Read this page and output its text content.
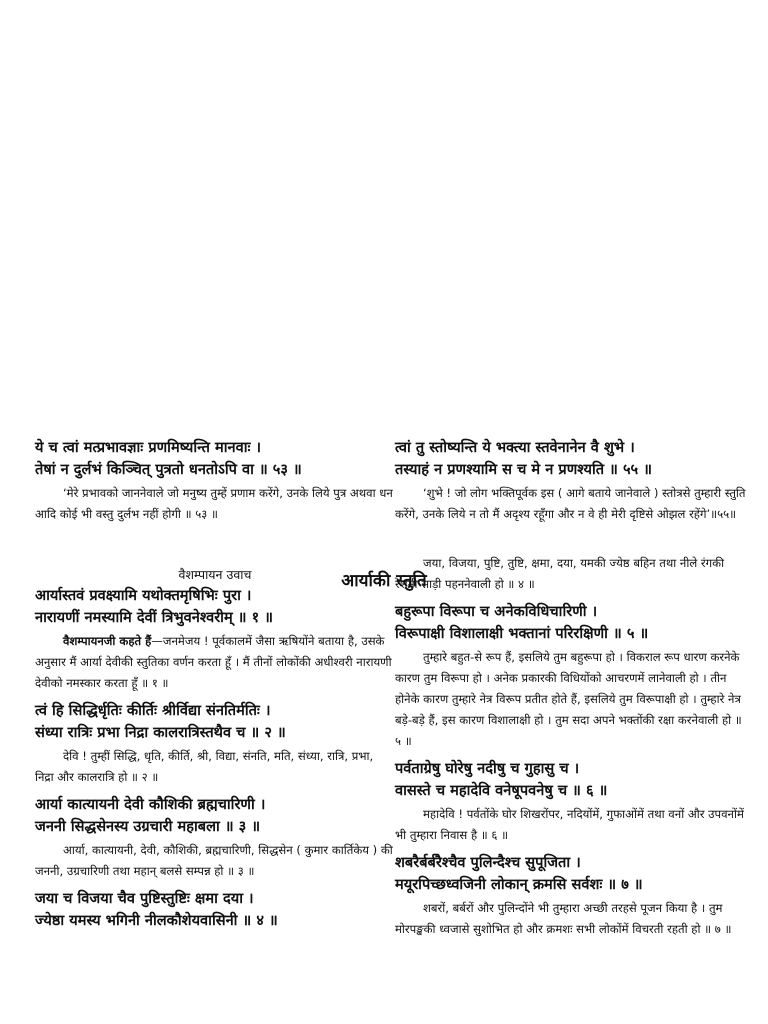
आर्याकी स्तुति
ये च त्वां मत्प्रभावज्ञाः प्रणमिष्यन्ति मानवाः ।
तेषां न दुर्लभं किञ्चित् पुत्रतो धनतोऽपि वा ॥ ५३ ॥
‘मेरे प्रभावको जाननेवाले जो मनुष्य तुम्हें प्रणाम करेंगे, उनके लिये पुत्र अथवा धन आदि कोई भी वस्तु दुर्लभ नहीं होगी ॥ ५३ ॥
वैशम्पायन उवाच
आर्यास्तवं प्रवक्ष्यामि यथोक्तमृषिभिः पुरा ।
नारायणीं नमस्यामि देवीं त्रिभुवनेश्वरीम् ॥ १ ॥
वैशम्पायनजी कहते हैं—जनमेजय ! पूर्वकालमें जैसा ऋषियोंने बताया है, उसके अनुसार मैं आर्या देवीकी स्तुतिका वर्णन करता हूँ । मैं तीनों लोकोंकी अधीश्वरी नारायणी देवीको नमस्कार करता हूँ ॥ १ ॥
त्वं हि सिद्धिर्धृतिः कीर्तिः श्रीर्विद्या संनतिर्मतिः ।
संध्या रात्रिः प्रभा निद्रा कालरात्रिस्तथैव च ॥ २ ॥
देवि ! तुम्हीं सिद्धि, धृति, कीर्ति, श्री, विद्या, संनति, मति, संध्या, रात्रि, प्रभा, निद्रा और कालरात्रि हो ॥ २ ॥
आर्या कात्यायनी देवी कौशिकी ब्रह्मचारिणी ।
जननी सिद्धसेनस्य उग्रचारी महाबला ॥ ३ ॥
आर्या, कात्यायनी, देवी, कौशिकी, ब्रह्मचारिणी, सिद्धसेन ( कुमार कार्तिकेय ) की जननी, उग्रचारिणी तथा महान् बलसे सम्पन्न हो ॥ ३ ॥
जया च विजया चैव पुष्टिस्तुष्टिः क्षमा दया ।
ज्येष्ठा यमस्य भगिनी नीलकौशेयवासिनी ॥ ४ ॥
त्वां तु स्तोष्यन्ति ये भक्त्या स्तवेनानेन वै शुभे ।
तस्याहं न प्रणश्यामि स च मे न प्रणश्यति ॥ ५५ ॥
‘शुभे ! जो लोग भक्तिपूर्वक इस ( आगे बताये जानेवाले ) स्तोत्रसे तुम्हारी स्तुति करेंगे, उनके लिये न तो मैं अदृश्य रहूँगा और न वे ही मेरी दृष्टिसे ओझल रहेंगे’॥५५॥
जया, विजया, पुष्टि, तुष्टि, क्षमा, दया, यमकी ज्येष्ठ बहिन तथा नीले रंगकी रेशमी साड़ी पहननेवाली हो ॥ ४ ॥
बहुरूपा विरूपा च अनेकविधिचारिणी ।
विरूपाक्षी विशालाक्षी भक्तानां परिरक्षिणी ॥ ५ ॥
तुम्हारे बहुत-से रूप हैं, इसलिये तुम बहुरूपा हो । विकराल रूप धारण करनेके कारण तुम विरूपा हो । अनेक प्रकारकी विधियोंको आचरणमें लानेवाली हो । तीन होनेके कारण तुम्हारे नेत्र विरूप प्रतीत होते हैं, इसलिये तुम विरूपाक्षी हो । तुम्हारे नेत्र बड़े-बड़े हैं, इस कारण विशालाक्षी हो । तुम सदा अपने भक्तोंकी रक्षा करनेवाली हो ॥ ५ ॥
पर्वताग्रेषु घोरेषु नदीषु च गुहासु च ।
वासस्ते च महादेवि वनेषूपवनेषु च ॥ ६ ॥
महादेवि ! पर्वतोंके घोर शिखरोंपर, नदियोंमें, गुफाओंमें तथा वनों और उपवनोंमें भी तुम्हारा निवास है ॥ ६ ॥
शबरैर्बर्बरैश्चैव पुलिन्दैश्च सुपूजिता ।
मयूरपिच्छध्वजिनी लोकान् क्रमसि सर्वशः ॥ ७ ॥
शबरों, बर्बरों और पुलिन्दोंने भी तुम्हारा अच्छी तरहसे पूजन किया है । तुम मोरपङ्खकी ध्वजासे सुशोभित हो और क्रमशः सभी लोकोंमें विचरती रहती हो ॥ ७ ॥
